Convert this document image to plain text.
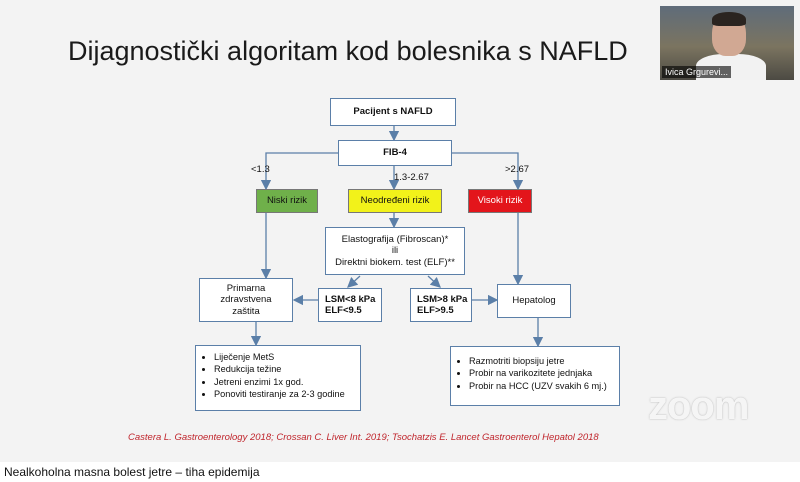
Dijagnostički algoritam kod bolesnika s NAFLD
Pacijent s NAFLD
FIB-4
<1.3
1.3-2.67
>2.67
Niski rizik	Neodređeni rizik	Visoki rizik
Elastografija (Fibroscan)*
ili
Direktni biokem. test (ELF)**
Primarna
zdravstvena
zaštita
LSM<8 kPa
ELF<9.5
LSM>8 kPa
ELF>9.5
Hepatolog
• Liječenje MetS
• Redukcija težine
• Jetreni enzimi 1x god.
• Ponoviti testiranje za 2-3 godine
• Razmotriti biopsiju jetre
• Probir na varikozitete jednjaka
• Probir na HCC (UZV svakih 6 mj.)
Castera L. Gastroenterology 2018; Crossan C. Liver Int. 2019; Tsochatzis E. Lancet Gastroenterol Hepatol 2018
zoom
Ivica Grgurevi...
Nealkoholna masna bolest jetre – tiha epidemija
